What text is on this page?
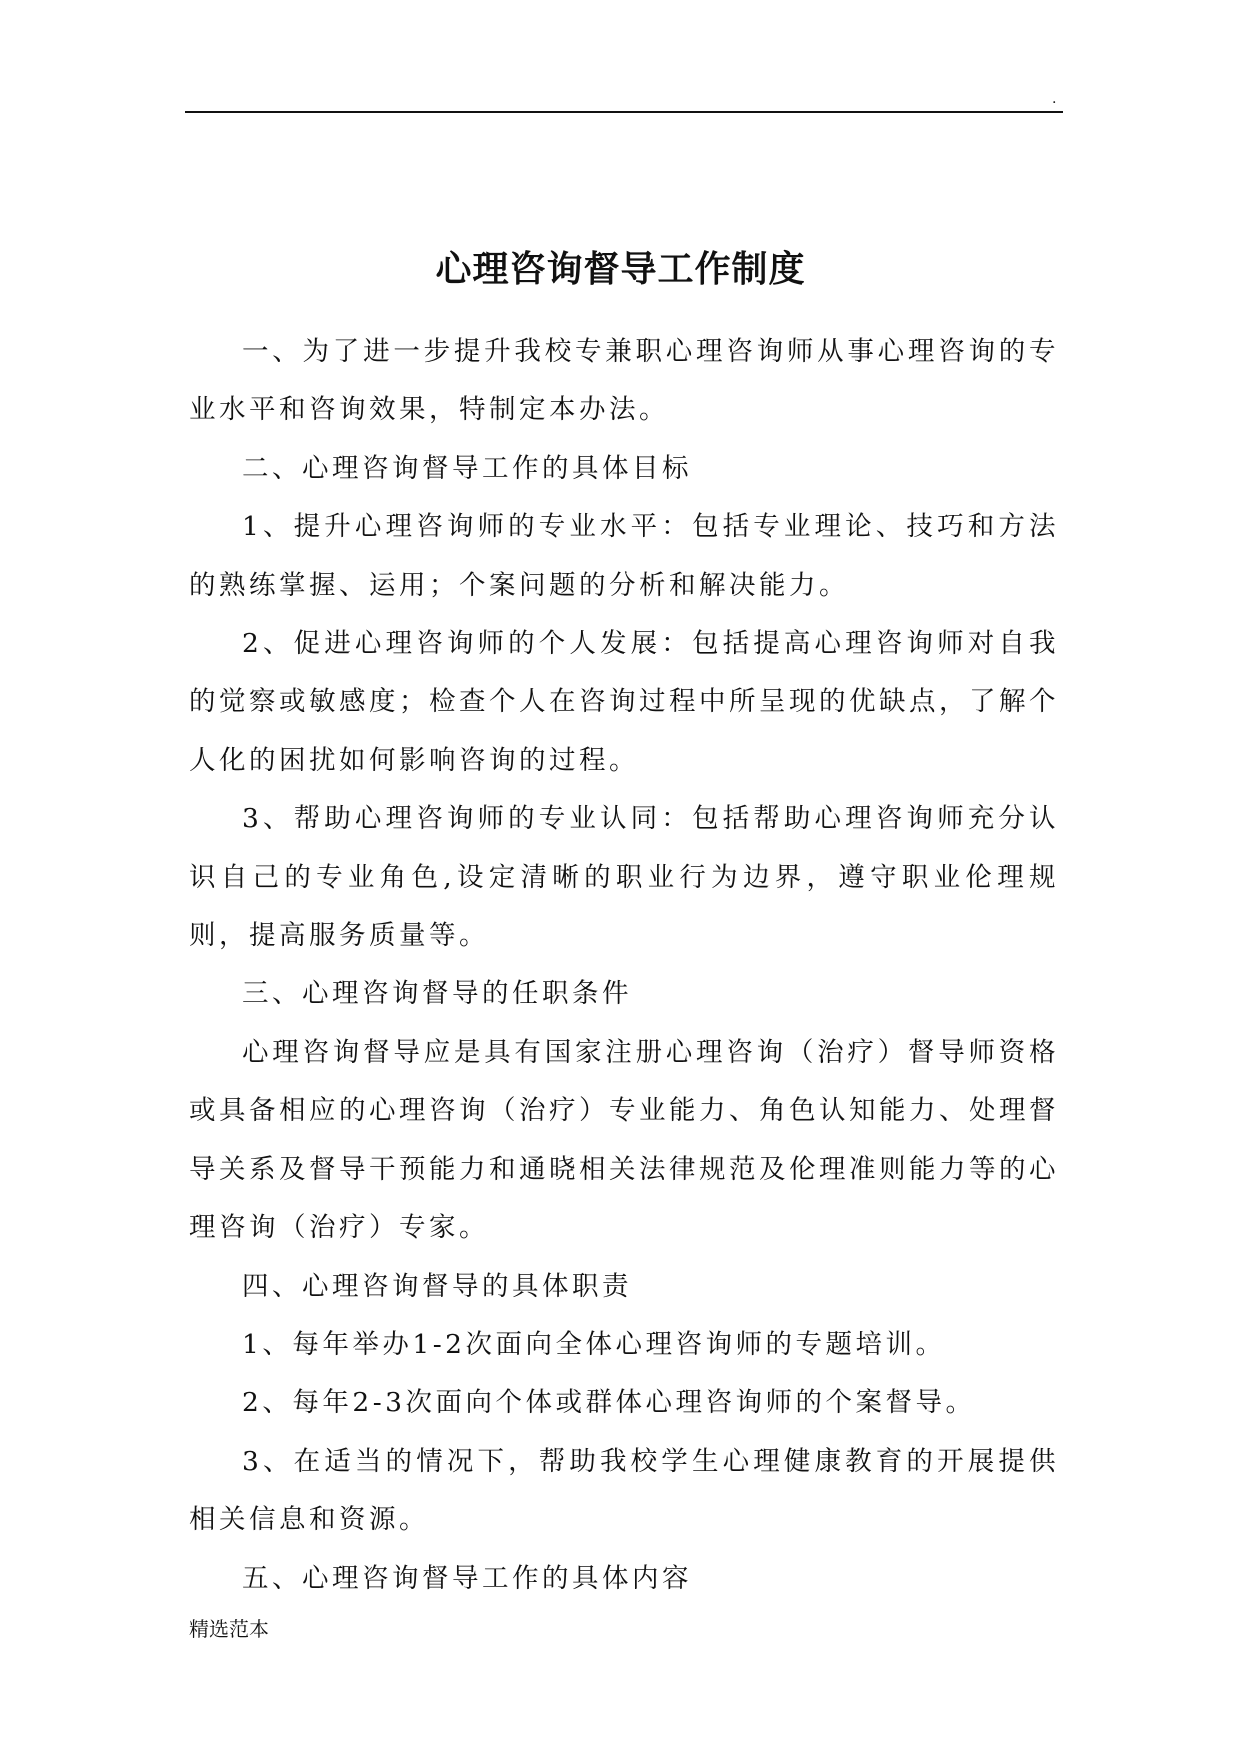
.
心理咨询督导工作制度

一、为了进一步提升我校专兼职心理咨询师从事心理咨询的专业水平和咨询效果，特制定本办法。

二、心理咨询督导工作的具体目标

1、提升心理咨询师的专业水平：包括专业理论、技巧和方法的熟练掌握、运用；个案问题的分析和解决能力。

2、促进心理咨询师的个人发展：包括提高心理咨询师对自我的觉察或敏感度；检查个人在咨询过程中所呈现的优缺点，了解个人化的困扰如何影响咨询的过程。

3、帮助心理咨询师的专业认同：包括帮助心理咨询师充分认识自己的专业角色,设定清晰的职业行为边界，遵守职业伦理规则，提高服务质量等。

三、心理咨询督导的任职条件

心理咨询督导应是具有国家注册心理咨询（治疗）督导师资格或具备相应的心理咨询（治疗）专业能力、角色认知能力、处理督导关系及督导干预能力和通晓相关法律规范及伦理准则能力等的心理咨询（治疗）专家。

四、心理咨询督导的具体职责

1、每年举办1-2次面向全体心理咨询师的专题培训。

2、每年2-3次面向个体或群体心理咨询师的个案督导。

3、在适当的情况下，帮助我校学生心理健康教育的开展提供相关信息和资源。

五、心理咨询督导工作的具体内容

精选范本
